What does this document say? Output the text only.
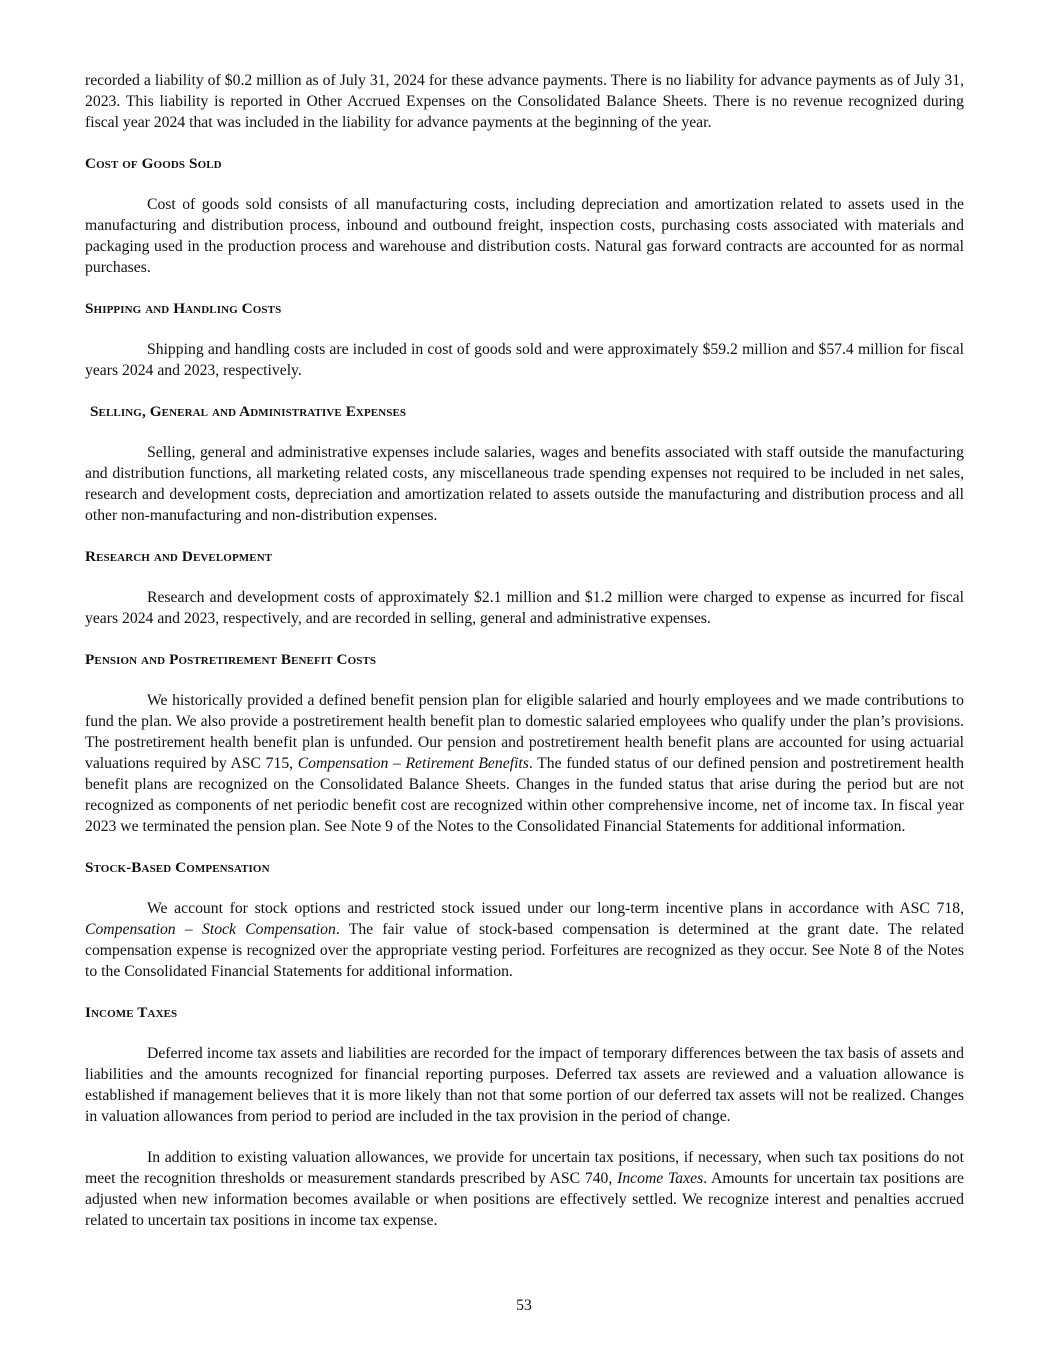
recorded a liability of $0.2 million as of July 31, 2024 for these advance payments. There is no liability for advance payments as of July 31, 2023. This liability is reported in Other Accrued Expenses on the Consolidated Balance Sheets. There is no revenue recognized during fiscal year 2024 that was included in the liability for advance payments at the beginning of the year.

Cost of Goods Sold

Cost of goods sold consists of all manufacturing costs, including depreciation and amortization related to assets used in the manufacturing and distribution process, inbound and outbound freight, inspection costs, purchasing costs associated with materials and packaging used in the production process and warehouse and distribution costs. Natural gas forward contracts are accounted for as normal purchases.

Shipping and Handling Costs

Shipping and handling costs are included in cost of goods sold and were approximately $59.2 million and $57.4 million for fiscal years 2024 and 2023, respectively.

Selling, General and Administrative Expenses

Selling, general and administrative expenses include salaries, wages and benefits associated with staff outside the manufacturing and distribution functions, all marketing related costs, any miscellaneous trade spending expenses not required to be included in net sales, research and development costs, depreciation and amortization related to assets outside the manufacturing and distribution process and all other non-manufacturing and non-distribution expenses.

Research and Development

Research and development costs of approximately $2.1 million and $1.2 million were charged to expense as incurred for fiscal years 2024 and 2023, respectively, and are recorded in selling, general and administrative expenses.

Pension and Postretirement Benefit Costs

We historically provided a defined benefit pension plan for eligible salaried and hourly employees and we made contributions to fund the plan. We also provide a postretirement health benefit plan to domestic salaried employees who qualify under the plan’s provisions. The postretirement health benefit plan is unfunded. Our pension and postretirement health benefit plans are accounted for using actuarial valuations required by ASC 715, Compensation – Retirement Benefits. The funded status of our defined pension and postretirement health benefit plans are recognized on the Consolidated Balance Sheets. Changes in the funded status that arise during the period but are not recognized as components of net periodic benefit cost are recognized within other comprehensive income, net of income tax. In fiscal year 2023 we terminated the pension plan. See Note 9 of the Notes to the Consolidated Financial Statements for additional information.

Stock-Based Compensation

We account for stock options and restricted stock issued under our long-term incentive plans in accordance with ASC 718, Compensation – Stock Compensation. The fair value of stock-based compensation is determined at the grant date. The related compensation expense is recognized over the appropriate vesting period. Forfeitures are recognized as they occur. See Note 8 of the Notes to the Consolidated Financial Statements for additional information.

Income Taxes

Deferred income tax assets and liabilities are recorded for the impact of temporary differences between the tax basis of assets and liabilities and the amounts recognized for financial reporting purposes. Deferred tax assets are reviewed and a valuation allowance is established if management believes that it is more likely than not that some portion of our deferred tax assets will not be realized. Changes in valuation allowances from period to period are included in the tax provision in the period of change.

In addition to existing valuation allowances, we provide for uncertain tax positions, if necessary, when such tax positions do not meet the recognition thresholds or measurement standards prescribed by ASC 740, Income Taxes. Amounts for uncertain tax positions are adjusted when new information becomes available or when positions are effectively settled. We recognize interest and penalties accrued related to uncertain tax positions in income tax expense.

53
